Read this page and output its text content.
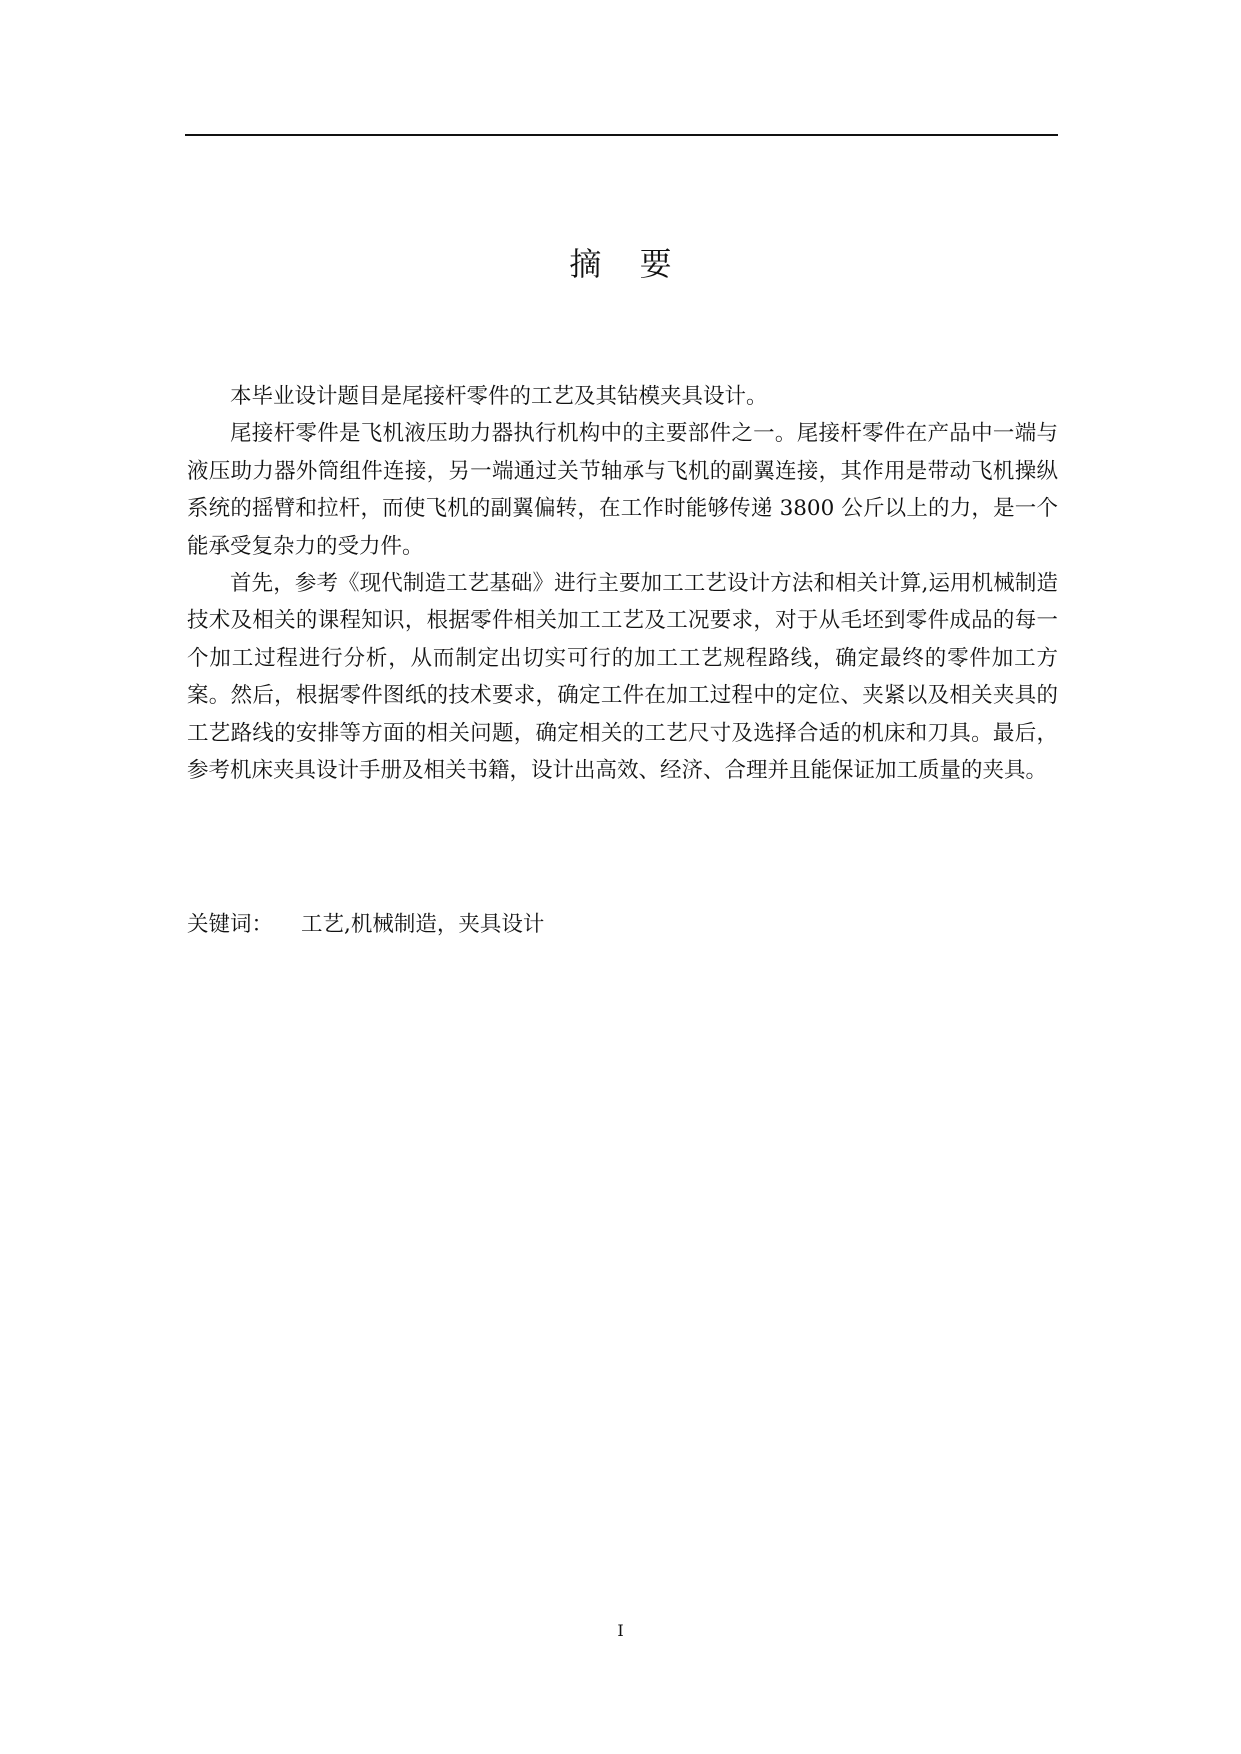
摘 要

本毕业设计题目是尾接杆零件的工艺及其钻模夹具设计。

尾接杆零件是飞机液压助力器执行机构中的主要部件之一。尾接杆零件在产品中一端与液压助力器外筒组件连接，另一端通过关节轴承与飞机的副翼连接，其作用是带动飞机操纵系统的摇臂和拉杆，而使飞机的副翼偏转，在工作时能够传递 3800 公斤以上的力，是一个能承受复杂力的受力件。

首先，参考《现代制造工艺基础》进行主要加工工艺设计方法和相关计算,运用机械制造技术及相关的课程知识，根据零件相关加工工艺及工况要求，对于从毛坯到零件成品的每一个加工过程进行分析，从而制定出切实可行的加工工艺规程路线，确定最终的零件加工方案。然后，根据零件图纸的技术要求，确定工件在加工过程中的定位、夹紧以及相关夹具的工艺路线的安排等方面的相关问题，确定相关的工艺尺寸及选择合适的机床和刀具。最后，参考机床夹具设计手册及相关书籍，设计出高效、经济、合理并且能保证加工质量的夹具。

关键词： 工艺,机械制造，夹具设计
I
